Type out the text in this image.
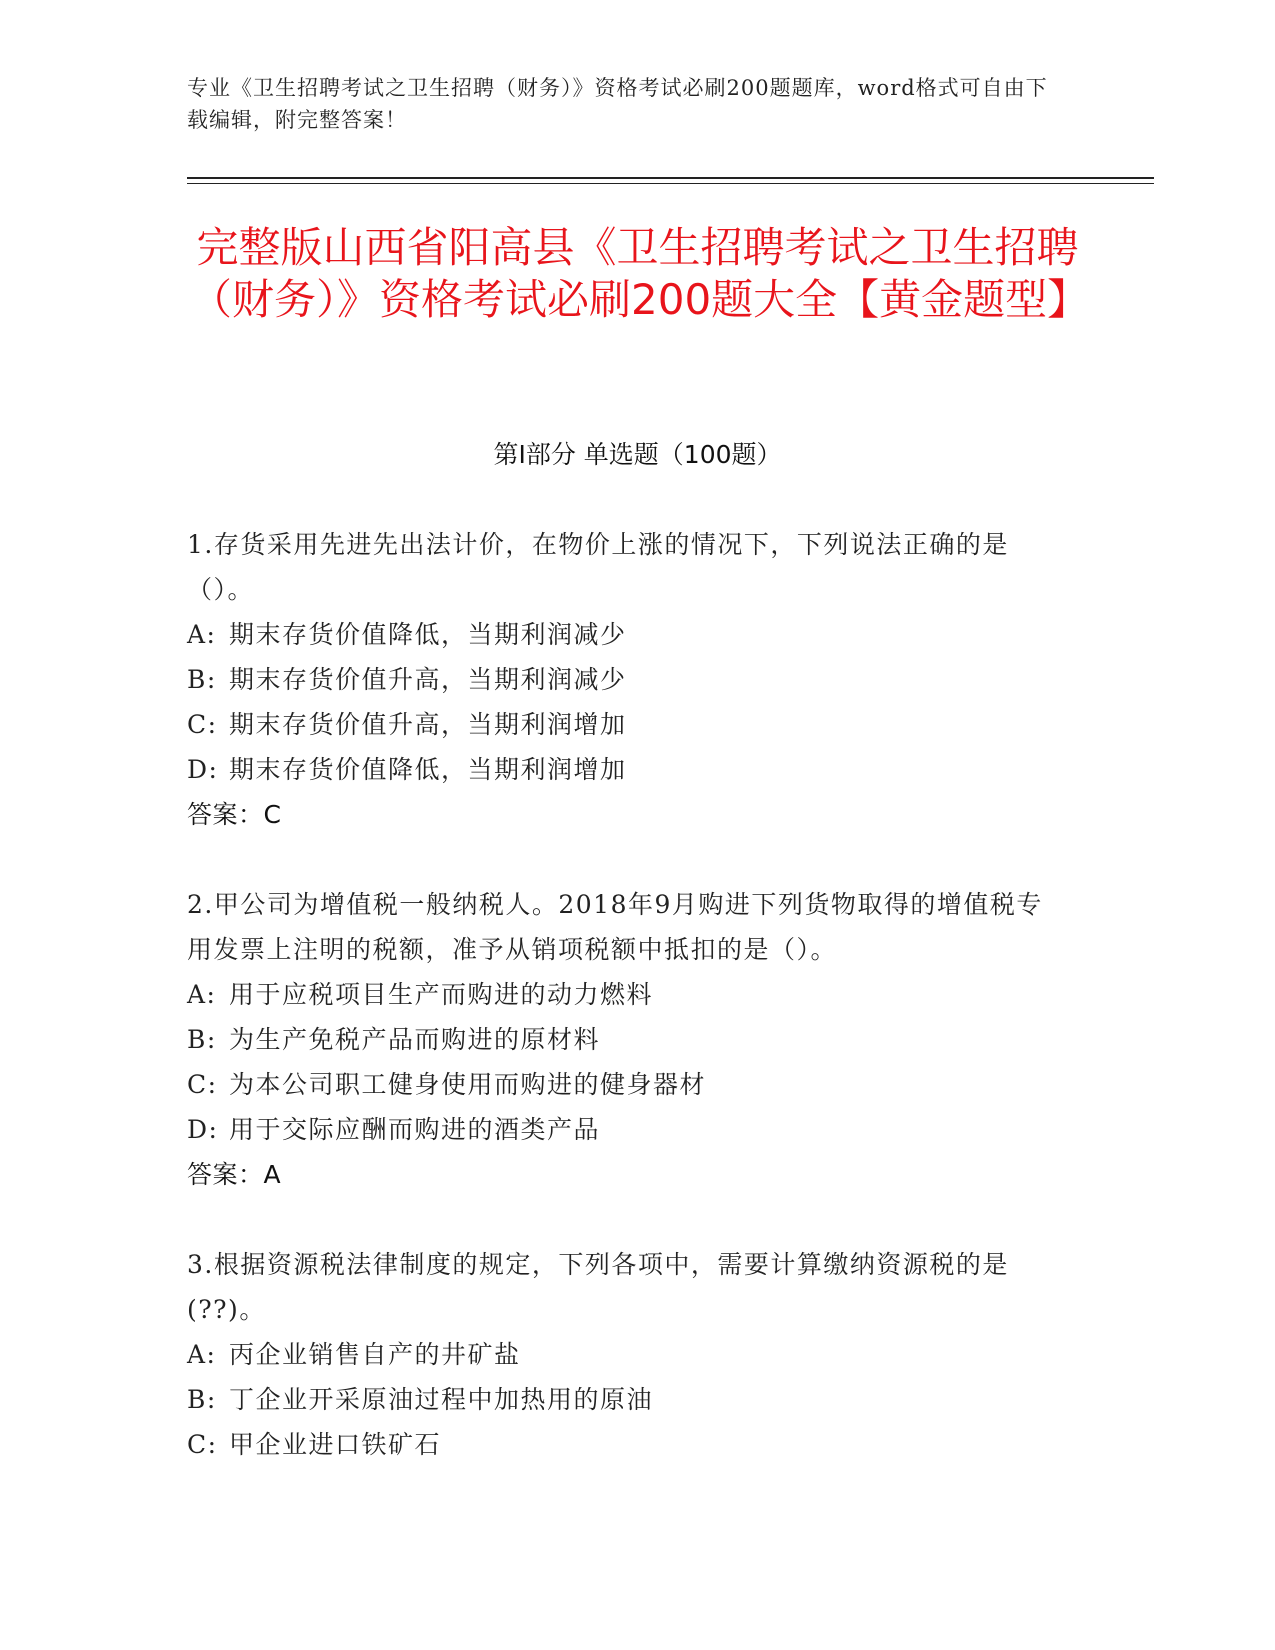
专业《卫生招聘考试之卫生招聘（财务）》资格考试必刷200题题库，word格式可自由下载编辑，附完整答案！
完整版山西省阳高县《卫生招聘考试之卫生招聘（财务）》资格考试必刷200题大全【黄金题型】
第Ⅰ部分 单选题（100题）

1.存货采用先进先出法计价，在物价上涨的情况下，下列说法正确的是（）。

A: 期末存货价值降低，当期利润减少

B: 期末存货价值升高，当期利润减少

C: 期末存货价值升高，当期利润增加

D: 期末存货价值降低，当期利润增加

答案：C

2.甲公司为增值税一般纳税人。2018年9月购进下列货物取得的增值税专用发票上注明的税额，准予从销项税额中抵扣的是（）。

A: 用于应税项目生产而购进的动力燃料

B: 为生产免税产品而购进的原材料

C: 为本公司职工健身使用而购进的健身器材

D: 用于交际应酬而购进的酒类产品

答案：A

3.根据资源税法律制度的规定，下列各项中，需要计算缴纳资源税的是(??)。

A: 丙企业销售自产的井矿盐

B: 丁企业开采原油过程中加热用的原油

C: 甲企业进口铁矿石
